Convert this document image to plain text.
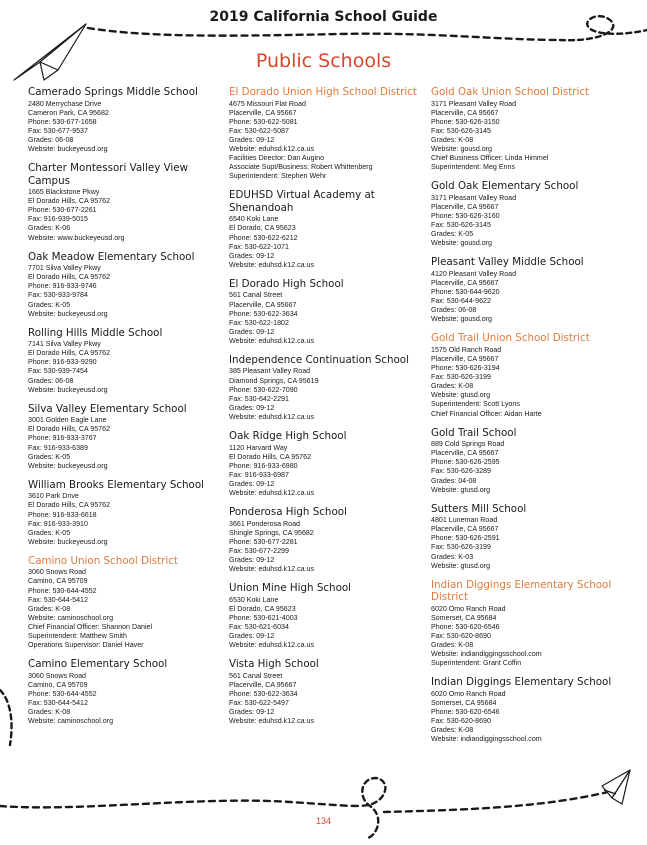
2019 California School Guide
Public Schools
Camerado Springs Middle School
2480 Merrychase Drive
Cameron Park, CA 95682
Phone: 530-677-1658
Fax: 530-677-9537
Grades: 06-08
Website: buckeyeusd.org
Charter Montessori Valley View Campus
1665 Blackstone Pkwy
El Dorado Hills, CA 95762
Phone: 530-677-2261
Fax: 916-939-5015
Grades: K-06
Website: www.buckeyeusd.org
Oak Meadow Elementary School
7701 Silva Valley Pkwy
El Dorado Hills, CA 95762
Phone: 916-933-9746
Fax: 530-933-9784
Grades: K-05
Website: buckeyeusd.org
Rolling Hills Middle School
7141 Silva Valley Pkwy
El Dorado Hills, CA 95762
Phone: 916-933-9290
Fax: 530-939-7454
Grades: 06-08
Website: buckeyeusd.org
Silva Valley Elementary School
3001 Golden Eagle Lane
El Dorado Hills, CA 95762
Phone: 916-933-3767
Fax: 916-933-6389
Grades: K-05
Website: buckeyeusd.org
William Brooks Elementary School
3610 Park Drive
El Dorado Hills, CA 95762
Phone: 916-933-6618
Fax: 916-933-3910
Grades: K-05
Website: buckeyeusd.org
Camino Union School District
3060 Snows Road
Camino, CA 95709
Phone: 530-644-4552
Fax: 530-644-5412
Grades: K-08
Website: caminoschool.org
Chief Financial Officer: Shannon Daniel
Superintendent: Matthew Smith
Operations Supervisor: Daniel Haver
Camino Elementary School
3060 Snows Road
Camino, CA 95709
Phone: 530-644-4552
Fax: 530-644-5412
Grades: K-08
Website: caminoschool.org
El Dorado Union High School District
4675 Missouri Flat Road
Placerville, CA 95667
Phone: 530-622-5081
Fax: 530-622-5087
Grades: 09-12
Website: eduhsd.k12.ca.us
Facilities Director: Dan Augino
Associate Supt/Business: Robert Whittenberg
Superintendent: Stephen Wehr
EDUHSD Virtual Academy at Shenandoah
6540 Koki Lane
El Dorado, CA 95623
Phone: 530-622-6212
Fax: 530-622-1071
Grades: 09-12
Website: eduhsd.k12.ca.us
El Dorado High School
561 Canal Street
Placerville, CA 95667
Phone: 530-622-3634
Fax: 530-622-1802
Grades: 09-12
Website: eduhsd.k12.ca.us
Independence Continuation School
385 Pleasant Valley Road
Diamond Springs, CA 95619
Phone: 530-622-7090
Fax: 530-642-2291
Grades: 09-12
Website: eduhsd.k12.ca.us
Oak Ridge High School
1120 Harvard Way
El Dorado Hills, CA 95762
Phone: 916-933-6980
Fax: 916-933-6987
Grades: 09-12
Website: eduhsd.k12.ca.us
Ponderosa High School
3661 Ponderosa Road
Shingle Springs, CA 95682
Phone: 530-677-2281
Fax: 530-677-2299
Grades: 09-12
Website: eduhsd.k12.ca.us
Union Mine High School
6530 Koki Lane
El Dorado, CA 95623
Phone: 530-621-4003
Fax: 530-621-6034
Grades: 09-12
Website: eduhsd.k12.ca.us
Vista High School
561 Canal Street
Placerville, CA 95667
Phone: 530-622-3634
Fax: 530-622-5497
Grades: 09-12
Website: eduhsd.k12.ca.us
Gold Oak Union School District
3171 Pleasant Valley Road
Placerville, CA 95667
Phone: 530-626-3150
Fax: 530-626-3145
Grades: K-08
Website: gousd.org
Chief Business Officer: Linda Himmel
Superintendent: Meg Enns
Gold Oak Elementary School
3171 Pleasant Valley Road
Placerville, CA 95667
Phone: 530-626-3160
Fax: 530-626-3145
Grades: K-05
Website: gousd.org
Pleasant Valley Middle School
4120 Pleasant Valley Road
Placerville, CA 95667
Phone: 530-644-9620
Fax: 530-644-9622
Grades: 06-08
Website: gousd.org
Gold Trail Union School District
1575 Old Ranch Road
Placerville, CA 95667
Phone: 530-626-3194
Fax: 530-626-3199
Grades: K-08
Website: gtusd.org
Superintendent: Scott Lyons
Chief Financial Officer: Aidan Harte
Gold Trail School
889 Cold Springs Road
Placerville, CA 95667
Phone: 530-626-2595
Fax: 530-626-3289
Grades: 04-08
Website: gtusd.org
Sutters Mill School
4801 Luneman Road
Placerville, CA 95667
Phone: 530-626-2591
Fax: 530-626-3199
Grades: K-03
Website: gtusd.org
Indian Diggings Elementary School District
6020 Omo Ranch Road
Somerset, CA 95684
Phone: 530-620-6546
Fax: 530-620-8690
Grades: K-08
Website: indiandiggingsschool.com
Superintendent: Grant Coffin
Indian Diggings Elementary School
6020 Omo Ranch Road
Somerset, CA 95684
Phone: 530-620-6546
Fax: 530-620-8690
Grades: K-08
Website: indiandiggingsschool.com
134
